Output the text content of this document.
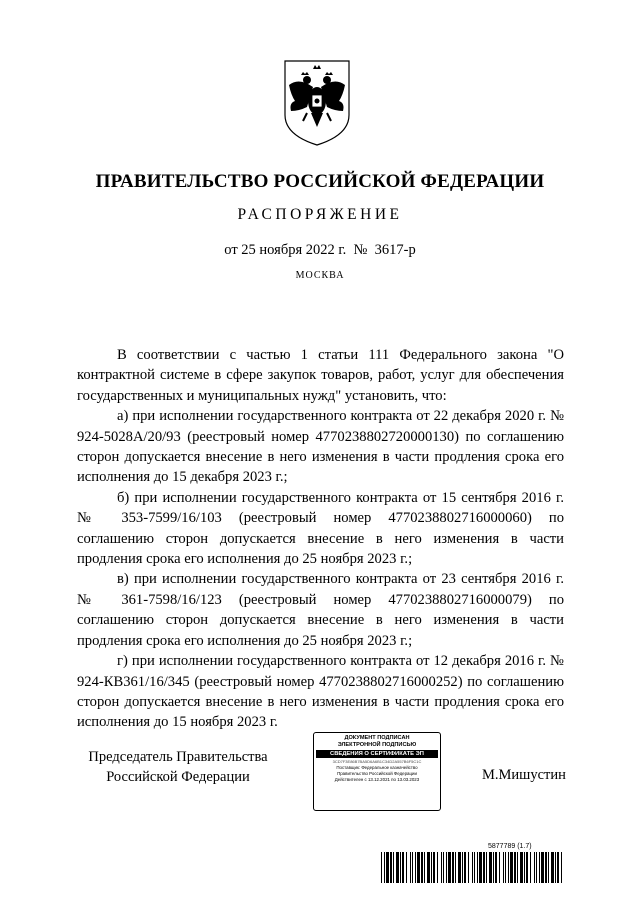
ПРАВИТЕЛЬСТВО РОССИЙСКОЙ ФЕДЕРАЦИИ
РАСПОРЯЖЕНИЕ
от 25 ноября 2022 г.  №  3617-р
МОСКВА

В соответствии с частью 1 статьи 111 Федерального закона "О контрактной системе в сфере закупок товаров, работ, услуг для обеспечения государственных и муниципальных нужд" установить, что:

а) при исполнении государственного контракта от 22 декабря 2020 г. № 924-5028А/20/93 (реестровый номер 4770238802720000130) по соглашению сторон допускается внесение в него изменения в части продления срока его исполнения до 15 декабря 2023 г.;

б) при исполнении государственного контракта от 15 сентября 2016 г. № 353-7599/16/103 (реестровый номер 4770238802716000060) по соглашению сторон допускается внесение в него изменения в части продления срока его исполнения до 25 ноября 2023 г.;

в) при исполнении государственного контракта от 23 сентября 2016 г. № 361-7598/16/123 (реестровый номер 4770238802716000079) по соглашению сторон допускается внесение в него изменения в части продления срока его исполнения до 25 ноября 2023 г.;

г) при исполнении государственного контракта от 12 декабря 2016 г. № 924-КВ361/16/345 (реестровый номер 4770238802716000252) по соглашению сторон допускается внесение в него изменения в части продления срока его исполнения до 15 ноября 2023 г.

Председатель Правительства
Российской Федерации
ДОКУМЕНТ ПОДПИСАН
ЭЛЕКТРОННОЙ ПОДПИСЬЮ
СВЕДЕНИЯ О СЕРТИФИКАТЕ ЭП
3CD7F3E86B7BA5D6A6B1C34D2A557B6F5C1C
Поставщик: Федеральное казначейство
Правительство Российской Федерации
Действителен с 13.12.2021 по 13.03.2023	М.Мишустин
5877789 (1.7)
